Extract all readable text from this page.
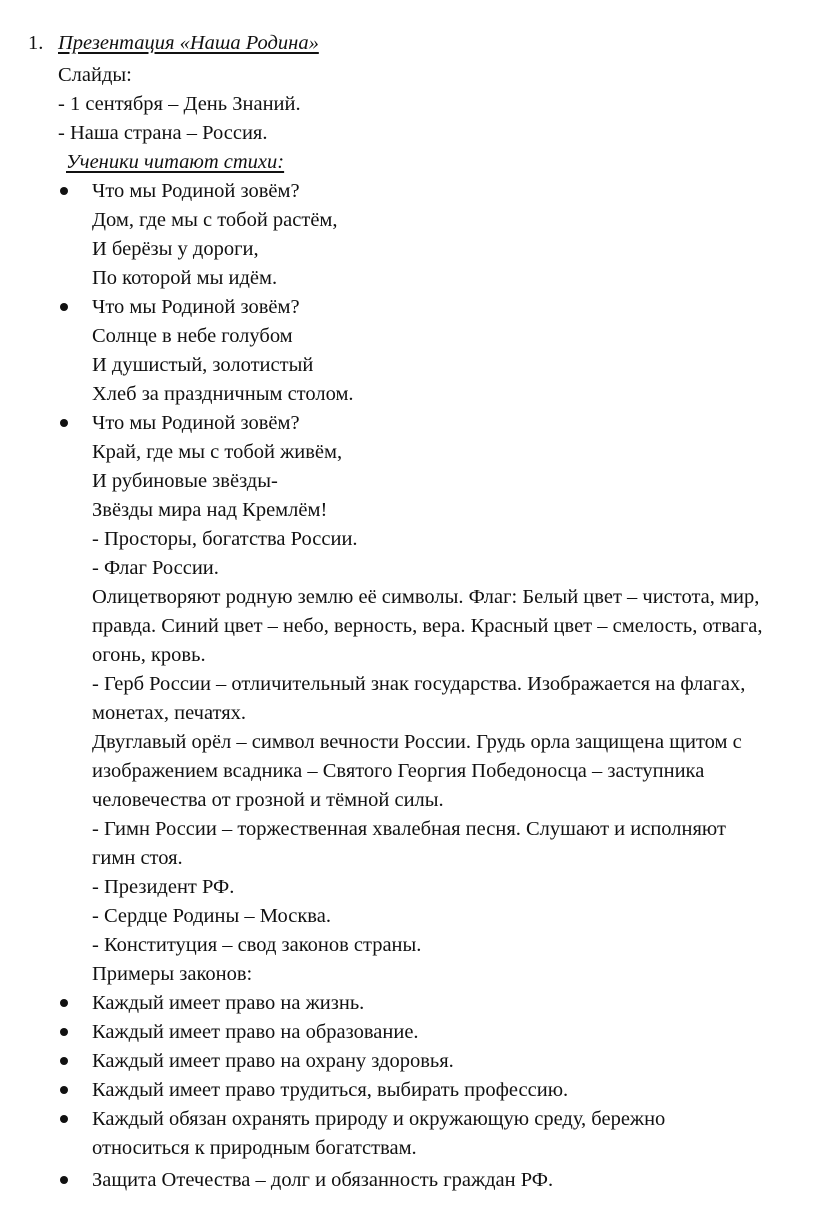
1. Презентация «Наша Родина»
Слайды:
- 1 сентября – День Знаний.
- Наша страна – Россия.
Ученики читают стихи:
Что мы Родиной зовём?
Дом, где мы с тобой растём,
И берёзы у дороги,
По которой мы идём.
Что мы Родиной зовём?
Солнце в небе голубом
И душистый, золотистый
Хлеб за праздничным столом.
Что мы Родиной зовём?
Край, где мы с тобой живём,
И рубиновые звёзды-
Звёзды мира над Кремлём!
- Просторы, богатства России.
- Флаг России.
Олицетворяют родную землю её символы. Флаг: Белый цвет – чистота, мир,
правда. Синий цвет – небо, верность, вера. Красный цвет – смелость, отвага,
огонь, кровь.
- Герб России – отличительный знак государства. Изображается на флагах,
монетах, печатях.
Двуглавый орёл – символ вечности России. Грудь орла защищена щитом с
изображением всадника – Святого Георгия Победоносца – заступника
человечества от грозной и тёмной силы.
- Гимн России – торжественная хвалебная песня. Слушают и исполняют
гимн стоя.
- Президент РФ.
- Сердце Родины – Москва.
- Конституция – свод законов страны.
Примеры законов:
Каждый имеет право на жизнь.
Каждый имеет право на образование.
Каждый имеет право на охрану здоровья.
Каждый имеет право трудиться, выбирать профессию.
Каждый обязан охранять природу и окружающую среду, бережно
относиться к природным богатствам.
Защита Отечества – долг и обязанность граждан РФ.
